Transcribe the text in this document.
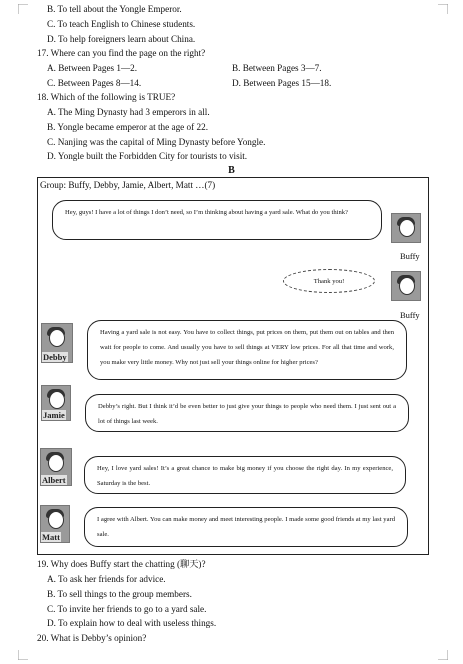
B. To tell about the Yongle Emperor.
C. To teach English to Chinese students.
D. To help foreigners learn about China.
17. Where can you find the page on the right?
A. Between Pages 1—2.	B. Between Pages 3—7.
C. Between Pages 8—14.	D. Between Pages 15—18.
18. Which of the following is TRUE?
A. The Ming Dynasty had 3 emperors in all.
B. Yongle became emperor at the age of 22.
C. Nanjing was the capital of Ming Dynasty before Yongle.
D. Yongle built the Forbidden City for tourists to visit.
B
Group: Buffy, Debby, Jamie, Albert, Matt …(7)
Hey, guys! I have a lot of things I don’t need, so I’m thinking about having a yard sale. What do you think?
Buffy
Thank you!
Buffy
Debby
Having a yard sale is not easy. You have to collect things, put prices on them, put them out on tables and then wait for people to come. And usually you have to sell things at VERY low prices. For all that time and work, you make very little money. Why not just sell your things online for higher prices?
Jamie
Debby’s right. But I think it’d be even better to just give your things to people who need them. I just sent out a lot of things last week.
Albert
Hey, I love yard sales! It’s a great chance to make big money if you choose the right day. In my experience, Saturday is the best.
Matt
I agree with Albert. You can make money and meet interesting people. I made some good friends at my last yard sale.
19. Why does Buffy start the chatting (聊天)?
A. To ask her friends for advice.
B. To sell things to the group members.
C. To invite her friends to go to a yard sale.
D. To explain how to deal with useless things.
20. What is Debby’s opinion?
